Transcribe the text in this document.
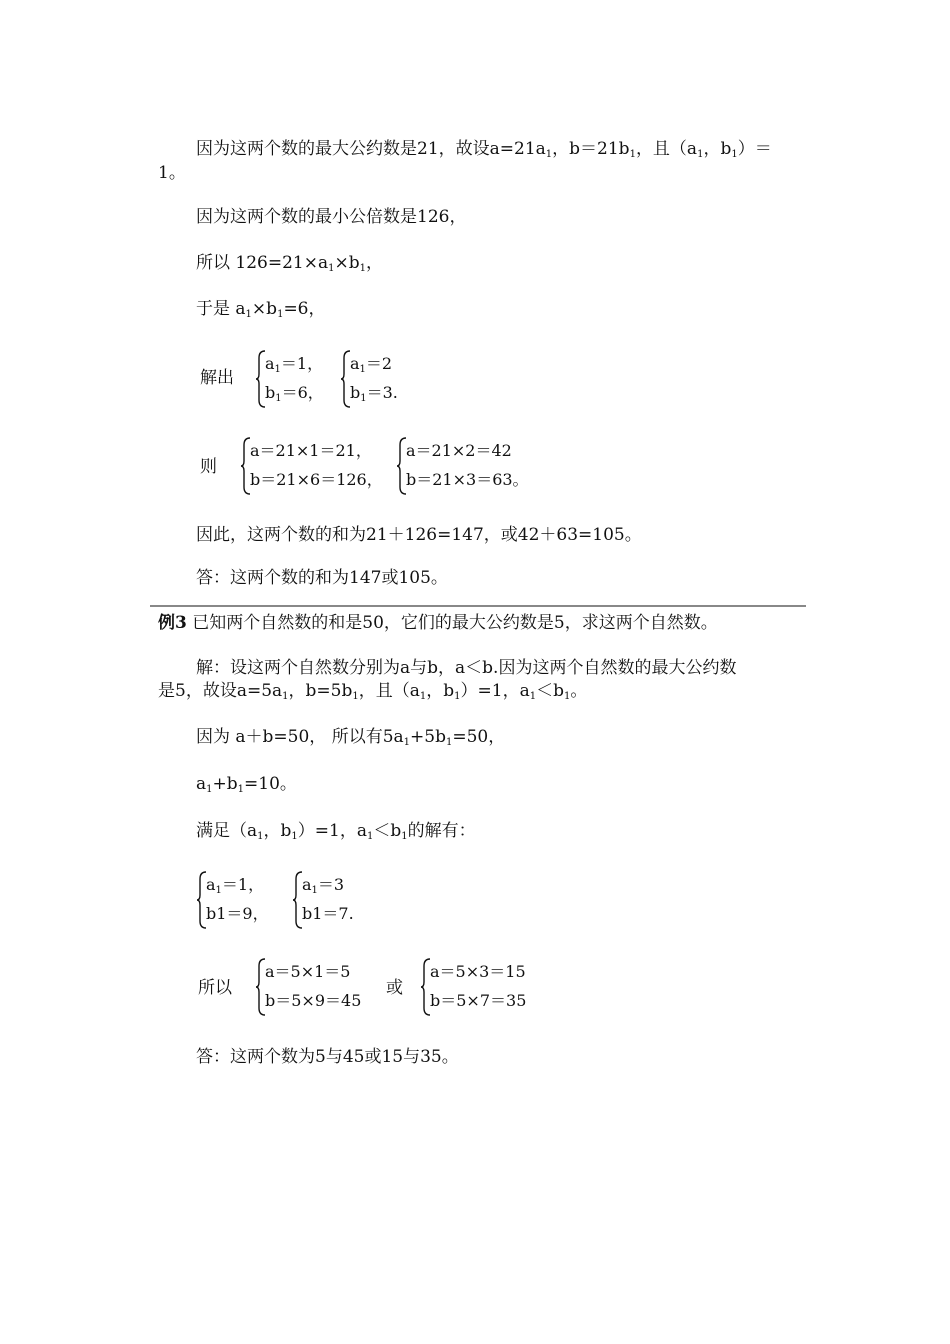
因为这两个数的最大公约数是21，故设$a=21a_1$，$b=21b_1$，且（$a_1$，$b_1)=$
1。
因为这两个数的最小公倍数是126，
所以 $126=21\times a_1\times b_1$，
于是 $a_1\times b_1=6$，
解出
$a_1=1$，
$b_1=6$，
$a_1=2$
$b_1=3$.
则
a＝21×1＝21，
b＝21×6＝126，
a＝21×2＝42
b＝21×3＝63。
因此，这两个数的和为21＋126=147，或42＋63=105。
答：这两个数的和为147或105。
例3 已知两个自然数的和是50，它们的最大公约数是5，求这两个自然数。
解：设这两个自然数分别为a与b，a＜b.因为这两个自然数的最大公约数
是5，故设$a=5a_1$，$b=5b_1$，且（$a_1$，$b_1)=1$，$a_1<b_1$。
因为 a＋b=50， 所以有$5a_1+5b_1=50$，
$a_1+b_1=10$。
满足（$a_1$，$b_1)=1$，$a_1<b_1$的解有：
$a_1=1$，
b1＝9，
$a_1=3$
b1＝7.
所以
a＝5×1＝5
b＝5×9＝45
或
a＝5×3＝15
b＝5×7＝35
答：这两个数为5与45或15与35。
